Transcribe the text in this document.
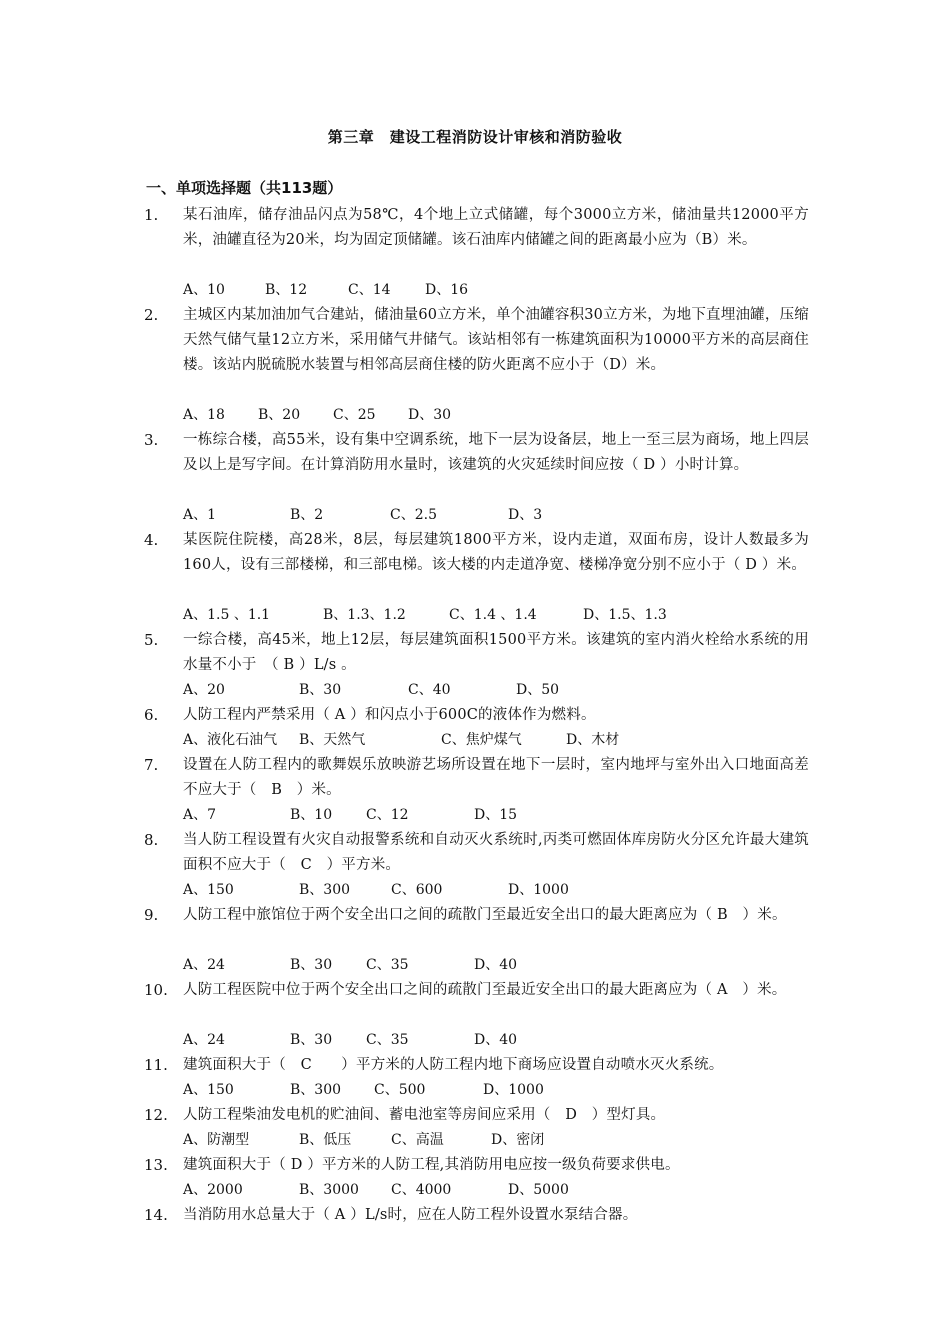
第三章　建设工程消防设计审核和消防验收
一、单项选择题（共113题）
1.	某石油库，储存油品闪点为58℃，4个地上立式储罐，每个3000立方米，储油量共12000平方米，油罐直径为20米，均为固定顶储罐。该石油库内储罐之间的距离最小应为（B）米。
A、10	B、12	C、14 D、16
2.	主城区内某加油加气合建站，储油量60立方米，单个油罐容积30立方米，为地下直埋油罐，压缩天然气储气量12立方米，采用储气井储气。该站相邻有一栋建筑面积为10000平方米的高层商住楼。该站内脱硫脱水装置与相邻高层商住楼的防火距离不应小于（D）米。
A、18 B、20 C、25 D、30
3.	一栋综合楼，高55米，设有集中空调系统，地下一层为设备层，地上一至三层为商场，地上四层及以上是写字间。在计算消防用水量时，该建筑的火灾延续时间应按（ D ）小时计算。
A、1	B、2	C、2.5	D、3
4.	某医院住院楼，高28米，8层，每层建筑1800平方米，设内走道，双面布房，设计人数最多为160人，设有三部楼梯，和三部电梯。该大楼的内走道净宽、楼梯净宽分别不应小于（ D ）米。
A、1.5 、1.1	B、1.3、1.2	C、1.4 、1.4	D、1.5、1.3
5.	一综合楼，高45米，地上12层，每层建筑面积1500平方米。该建筑的室内消火栓给水系统的用水量不小于　（ B ）L/s 。
A、20	B、30	C、40	D、50
6.	人防工程内严禁采用（ A ）和闪点小于600C的液体作为燃料。
A、液化石油气 B、天然气	C、焦炉煤气	D、木材
7.	设置在人防工程内的歌舞娱乐放映游艺场所设置在地下一层时，室内地坪与室外出入口地面高差不应大于（　B　）米。
A、7	B、10 C、12	D、15
8.	当人防工程设置有火灾自动报警系统和自动灭火系统时,丙类可燃固体库房防火分区允许最大建筑面积不应大于（　C　）平方米。
A、150	B、300	C、600	D、1000
9.	人防工程中旅馆位于两个安全出口之间的疏散门至最近安全出口的最大距离应为（ B　）米。
A、24	B、30 C、35	D、40
10.	人防工程医院中位于两个安全出口之间的疏散门至最近安全出口的最大距离应为（ A　）米。
A、24	B、30 C、35	D、40
11.	建筑面积大于（　C　　）平方米的人防工程内地下商场应设置自动喷水灭火系统。
A、150	B、300 C、500	D、1000
12.	人防工程柴油发电机的贮油间、蓄电池室等房间应采用（　D　）型灯具。
A、防潮型	B、低压	C、高温	D、密闭
13.	建筑面积大于（ D ）平方米的人防工程,其消防用电应按一级负荷要求供电。
A、2000	B、3000 C、4000	D、5000
14.	当消防用水总量大于（ A ）L/s时，应在人防工程外设置水泵结合器。
